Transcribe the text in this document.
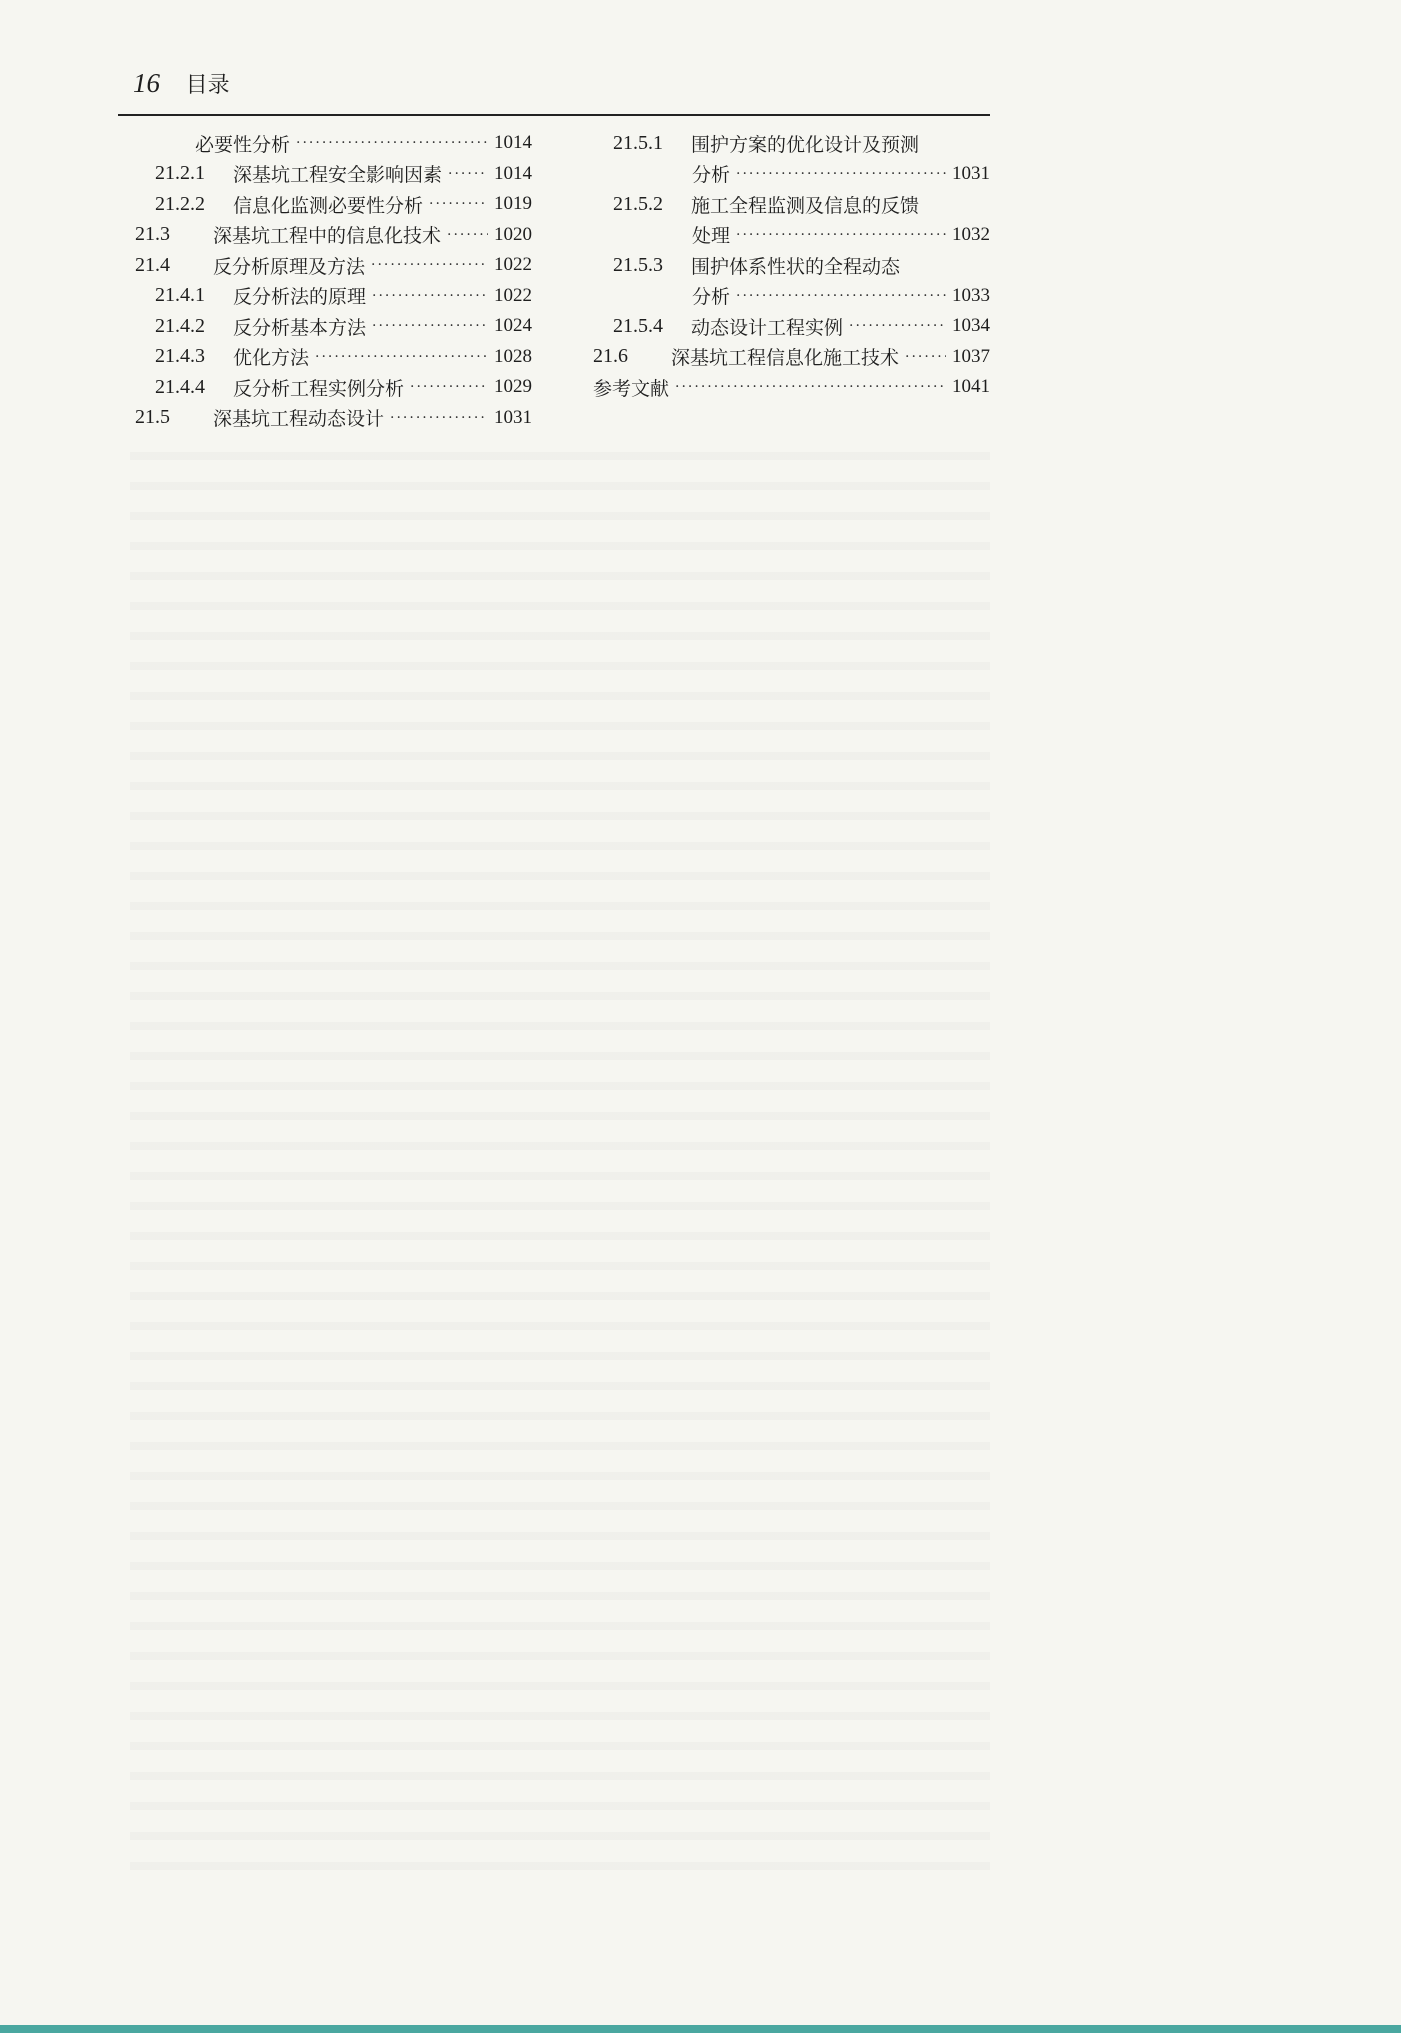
16 目录
必要性分析 ·····	1014
21.2.1	深基坑工程安全影响因素 ·····	1014
21.2.2	信息化监测必要性分析 ·····	1019
21.3	深基坑工程中的信息化技术 ·····	1020
21.4	反分析原理及方法 ·····	1022
21.4.1	反分析法的原理 ·····	1022
21.4.2	反分析基本方法 ·····	1024
21.4.3	优化方法 ·····	1028
21.4.4	反分析工程实例分析 ·····	1029
21.5	深基坑工程动态设计 ·····	1031
21.5.1	围护方案的优化设计及预测
分析 ·····	1031
21.5.2	施工全程监测及信息的反馈
处理 ·····	1032
21.5.3	围护体系性状的全程动态
分析 ·····	1033
21.5.4	动态设计工程实例 ·····	1034
21.6	深基坑工程信息化施工技术 ·····	1037
参考文献 ·····	1041
